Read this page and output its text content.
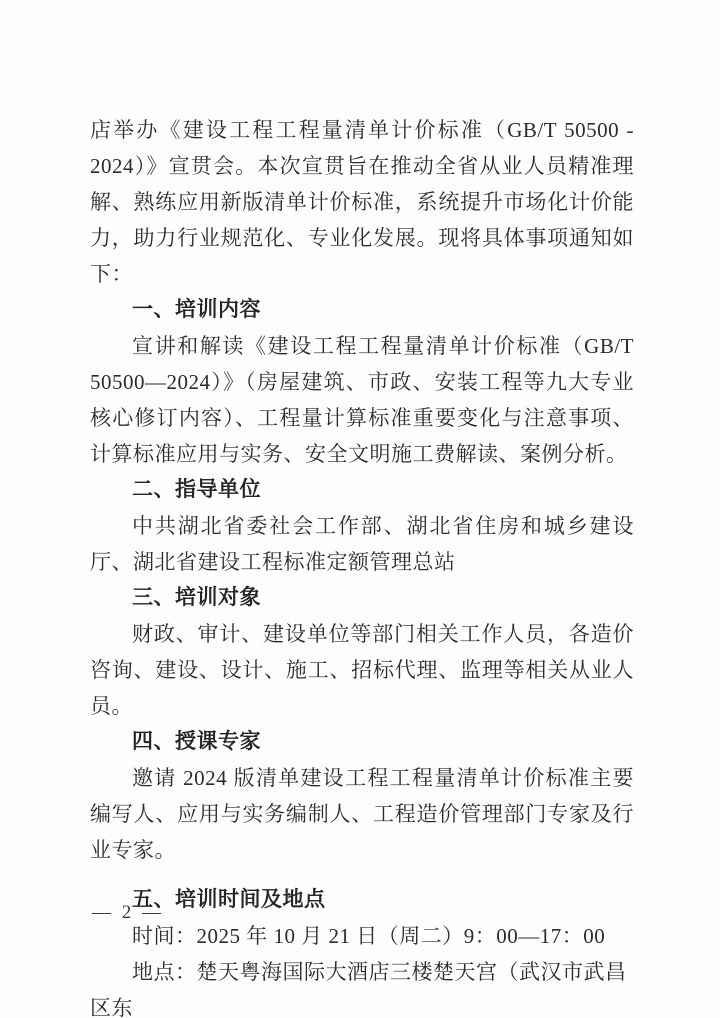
店举办《建设工程工程量清单计价标准（GB/T 50500 - 2024）》宣贯会。本次宣贯旨在推动全省从业人员精准理解、熟练应用新版清单计价标准，系统提升市场化计价能力，助力行业规范化、专业化发展。现将具体事项通知如下：

一、培训内容

宣讲和解读《建设工程工程量清单计价标准（GB/T 50500—2024）》（房屋建筑、市政、安装工程等九大专业核心修订内容）、工程量计算标准重要变化与注意事项、计算标准应用与实务、安全文明施工费解读、案例分析。

二、指导单位

中共湖北省委社会工作部、湖北省住房和城乡建设厅、湖北省建设工程标准定额管理总站

三、培训对象

财政、审计、建设单位等部门相关工作人员，各造价咨询、建设、设计、施工、招标代理、监理等相关从业人员。

四、授课专家

邀请 2024 版清单建设工程工程量清单计价标准主要编写人、应用与实务编制人、工程造价管理部门专家及行业专家。

五、培训时间及地点

时间：2025 年 10 月 21 日（周二）9：00—17：00

地点：楚天粤海国际大酒店三楼楚天宫（武汉市武昌区东

— 2 —
